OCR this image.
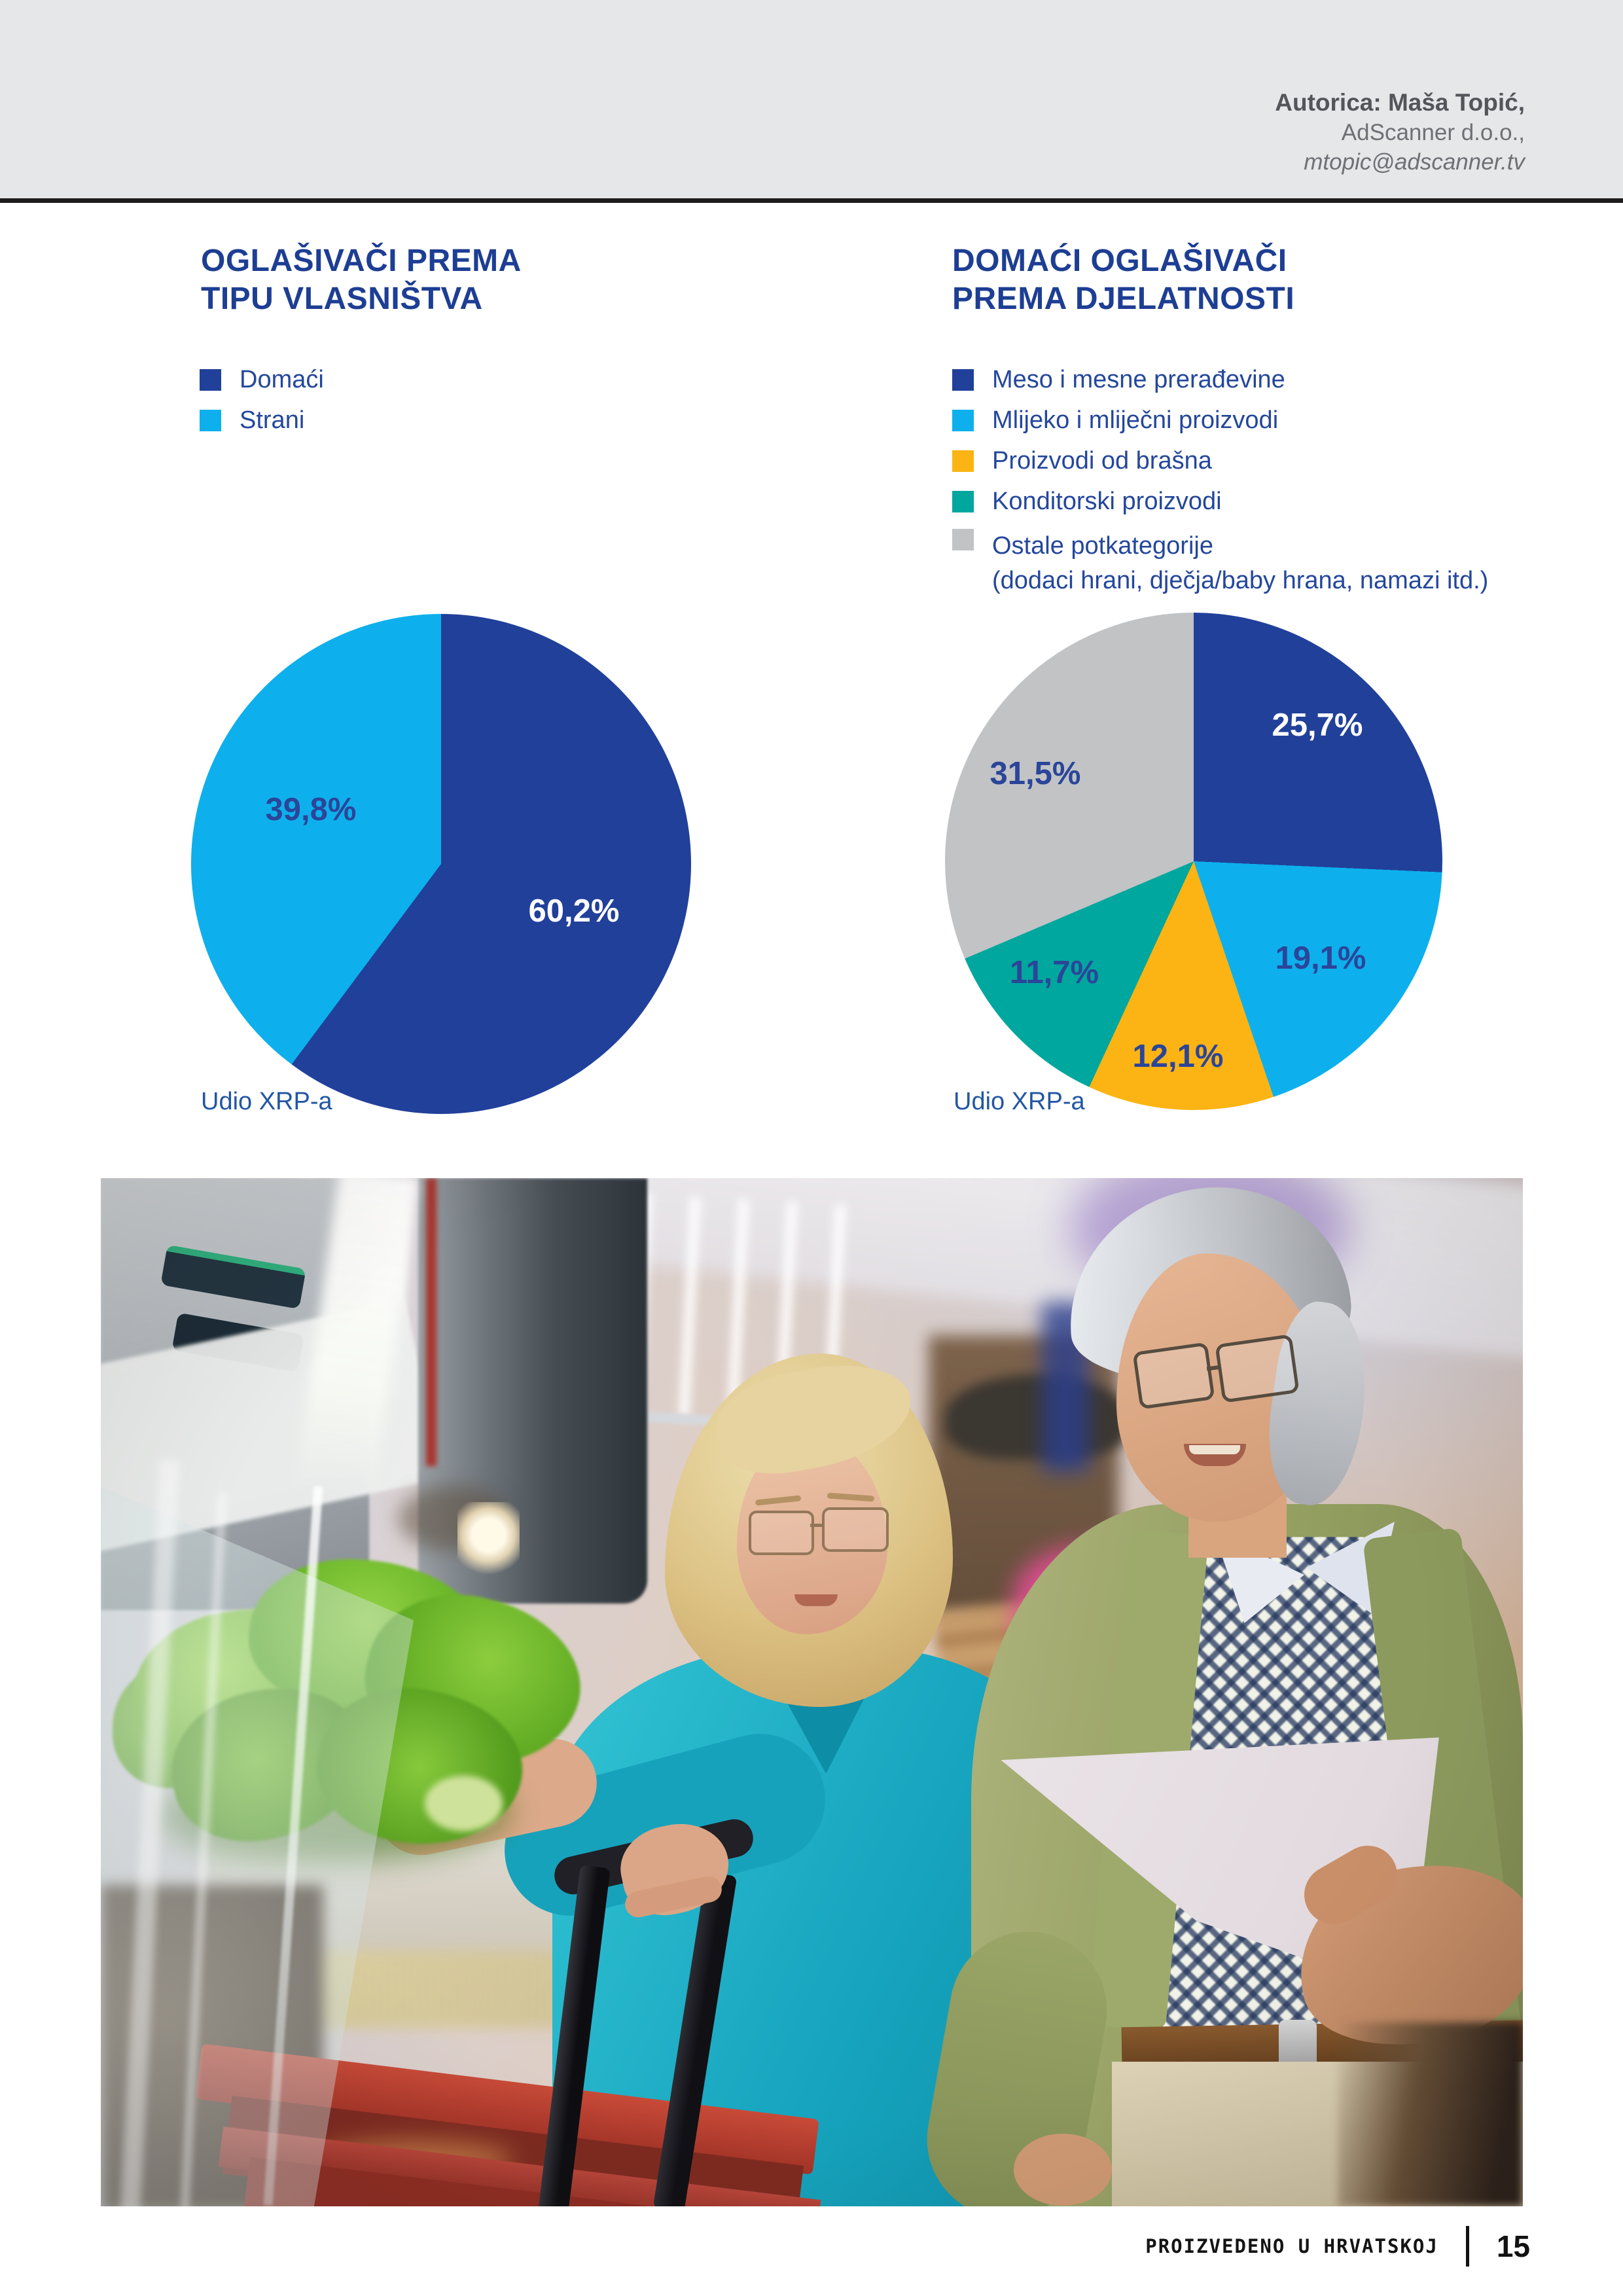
Autorica: Maša Topić,
AdScanner d.o.o.,
mtopic@adscanner.tv
OGLAŠIVAČI PREMA
TIPU VLASNIŠTVA
Domaći
Strani
39,8%
60,2%
Udio XRP-a
DOMAĆI OGLAŠIVAČI
PREMA DJELATNOSTI
Meso i mesne prerađevine
Mlijeko i mliječni proizvodi
Proizvodi od brašna
Konditorski proizvodi
Ostale potkategorije
(dodaci hrani, dječja/baby hrana, namazi itd.)
25,7%
19,1%
12,1%
11,7%
31,5%
Udio XRP-a
PROIZVEDENO U HRVATSKOJ 15
